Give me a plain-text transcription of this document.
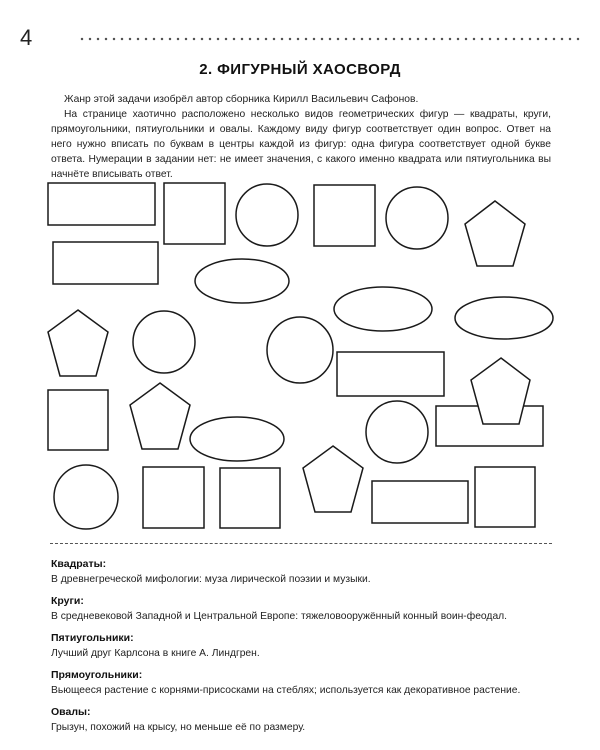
4
2. ФИГУРНЫЙ ХАОСВОРД

Жанр этой задачи изобрёл автор сборника Кирилл Васильевич Сафонов.

На странице хаотично расположено несколько видов геометрических фигур — квадраты, круги, прямоугольники, пятиугольники и овалы. Каждому виду фигур соответствует один вопрос. Ответ на него нужно вписать по буквам в центры каждой из фигур: одна фигура соответствует одной букве ответа. Нумерации в задании нет: не имеет значения, с какого именно квадрата или пятиугольника вы начнёте вписывать ответ.

Квадраты:
В древнегреческой мифологии: муза лирической поэзии и музыки.
Круги:
В средневековой Западной и Центральной Европе: тяжеловооружённый конный воин-феодал.
Пятиугольники:
Лучший друг Карлсона в книге А. Линдгрен.
Прямоугольники:
Вьющееся растение с корнями-присосками на стеблях; используется как декоративное растение.
Овалы:
Грызун, похожий на крысу, но меньше её по размеру.
